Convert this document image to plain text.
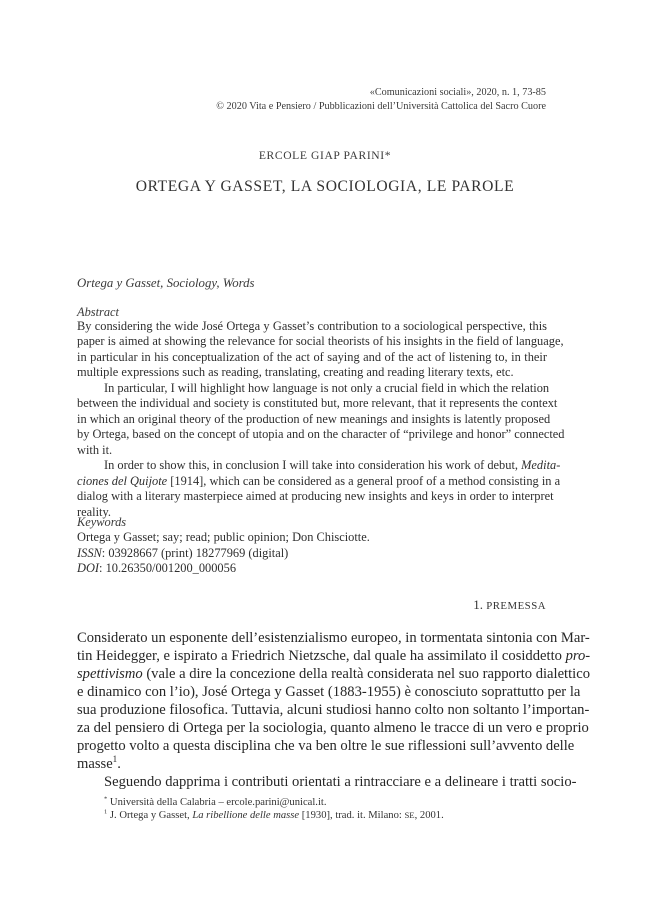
«Comunicazioni sociali», 2020, n. 1, 73-85
© 2020 Vita e Pensiero / Pubblicazioni dell’Università Cattolica del Sacro Cuore
ERCOLE GIAP PARINI*
ORTEGA Y GASSET, LA SOCIOLOGIA, LE PAROLE
Ortega y Gasset, Sociology, Words
Abstract
By considering the wide José Ortega y Gasset’s contribution to a sociological perspective, this
paper is aimed at showing the relevance for social theorists of his insights in the field of language,
in particular in his conceptualization of the act of saying and of the act of listening to, in their
multiple expressions such as reading, translating, creating and reading literary texts, etc.
In particular, I will highlight how language is not only a crucial field in which the relation
between the individual and society is constituted but, more relevant, that it represents the context
in which an original theory of the production of new meanings and insights is latently proposed
by Ortega, based on the concept of utopia and on the character of “privilege and honor” connected
with it.
In order to show this, in conclusion I will take into consideration his work of debut, Medita-
ciones del Quijote [1914], which can be considered as a general proof of a method consisting in a
dialog with a literary masterpiece aimed at producing new insights and keys in order to interpret
reality.
Keywords
Ortega y Gasset; say; read; public opinion; Don Chisciotte.
ISSN: 03928667 (print) 18277969 (digital)
DOI: 10.26350/001200_000056
1. PREMESSA
Considerato un esponente dell’esistenzialismo europeo, in tormentata sintonia con Mar-
tin Heidegger, e ispirato a Friedrich Nietzsche, dal quale ha assimilato il cosiddetto pro-
spettivismo (vale a dire la concezione della realtà considerata nel suo rapporto dialettico
e dinamico con l’io), José Ortega y Gasset (1883-1955) è conosciuto soprattutto per la
sua produzione filosofica. Tuttavia, alcuni studiosi hanno colto non soltanto l’importan-
za del pensiero di Ortega per la sociologia, quanto almeno le tracce di un vero e proprio
progetto volto a questa disciplina che va ben oltre le sue riflessioni sull’avvento delle
masse$^1$.
Seguendo dapprima i contributi orientati a rintracciare e a delineare i tratti socio-
* Università della Calabria – ercole.parini@unical.it.
$^1$ J. Ortega y Gasset, La ribellione delle masse [1930], trad. it. Milano: SE, 2001.
